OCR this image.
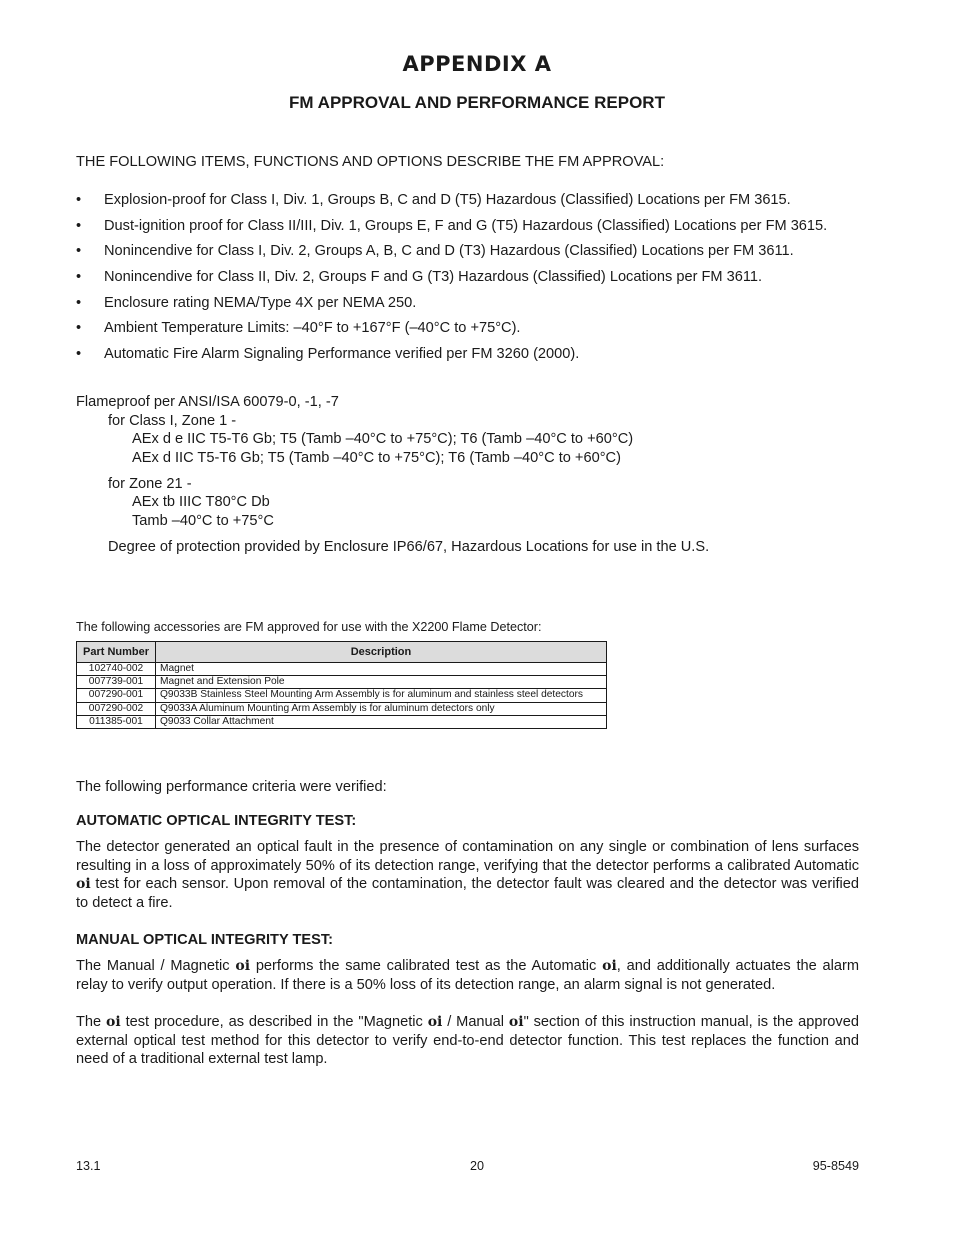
APPENDIX A
FM APPROVAL AND PERFORMANCE REPORT
THE FOLLOWING ITEMS, FUNCTIONS AND OPTIONS DESCRIBE THE FM APPROVAL:
• Explosion-proof for Class I, Div. 1, Groups B, C and D (T5) Hazardous (Classified) Locations per FM 3615.
• Dust-ignition proof for Class II/III, Div. 1, Groups E, F and G (T5) Hazardous (Classified) Locations per FM 3615.
• Nonincendive for Class I, Div. 2, Groups A, B, C and D (T3) Hazardous (Classified) Locations per FM 3611.
• Nonincendive for Class II, Div. 2, Groups F and G (T3) Hazardous (Classified) Locations per FM 3611.
• Enclosure rating NEMA/Type 4X per NEMA 250.
• Ambient Temperature Limits: –40°F to +167°F (–40°C to +75°C).
• Automatic Fire Alarm Signaling Performance verified per FM 3260 (2000).
Flameproof per ANSI/ISA 60079-0, -1, -7
for Class I, Zone 1 -
AEx d e IIC T5-T6 Gb; T5 (Tamb –40°C to +75°C); T6 (Tamb –40°C to +60°C)
AEx d IIC T5-T6 Gb; T5 (Tamb –40°C to +75°C); T6 (Tamb –40°C to +60°C)
for Zone 21 -
AEx tb IIIC T80°C Db
Tamb –40°C to +75°C
Degree of protection provided by Enclosure IP66/67, Hazardous Locations for use in the U.S.
The following accessories are FM approved for use with the X2200 Flame Detector:
Part Number	Description
102740-002	Magnet
007739-001	Magnet and Extension Pole
007290-001	Q9033B Stainless Steel Mounting Arm Assembly is for aluminum and stainless steel detectors
007290-002	Q9033A Aluminum Mounting Arm Assembly is for aluminum detectors only
011385-001	Q9033 Collar Attachment
The following performance criteria were verified:
AUTOMATIC OPTICAL INTEGRITY TEST:
The detector generated an optical fault in the presence of contamination on any single or combination of lens surfaces resulting in a loss of approximately 50% of its detection range, verifying that the detector performs a calibrated Automatic oi test for each sensor. Upon removal of the contamination, the detector fault was cleared and the detector was verified to detect a fire.
MANUAL OPTICAL INTEGRITY TEST:
The Manual / Magnetic oi performs the same calibrated test as the Automatic oi, and additionally actuates the alarm relay to verify output operation. If there is a 50% loss of its detection range, an alarm signal is not generated.
The oi test procedure, as described in the "Magnetic oi / Manual oi" section of this instruction manual, is the approved external optical test method for this detector to verify end-to-end detector function. This test replaces the function and need of a traditional external test lamp.
13.1	20	95-8549
